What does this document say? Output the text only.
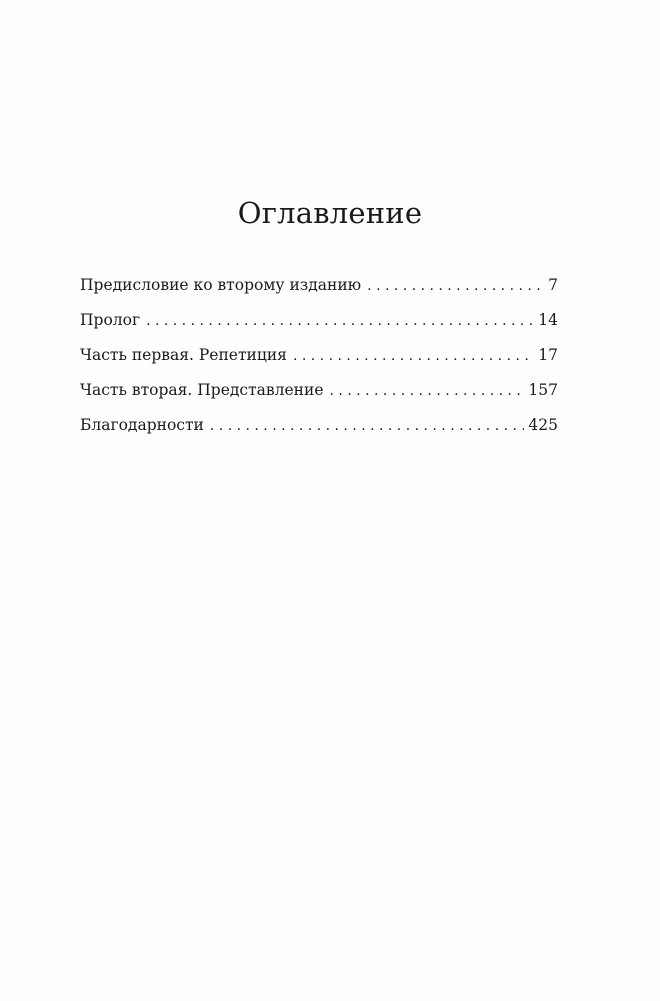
Оглавление
Предисловие ко второму изданию . . .	7
Пролог . . .	14
Часть первая. Репетиция . . .	17
Часть вторая. Представление . . .	157
Благодарности . . .	425
